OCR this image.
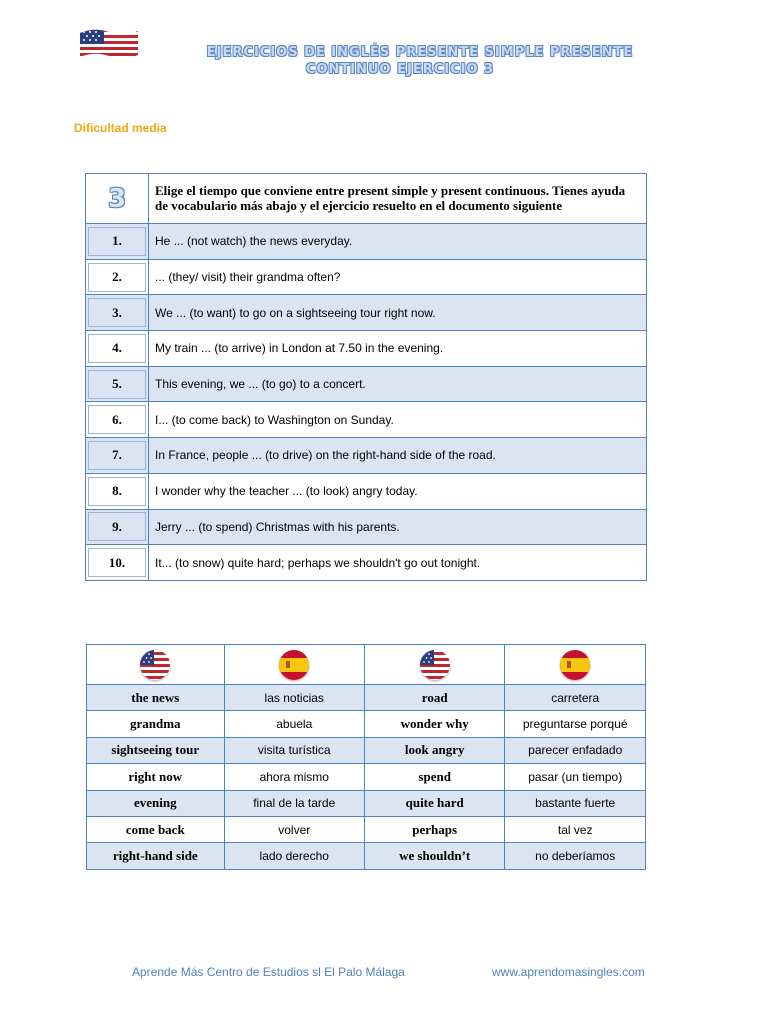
EJERCICIOS DE INGLÉS PRESENTE SIMPLE PRESENTE
CONTINUO EJERCICIO 3
Dificultad media
3	Elige el tiempo que conviene entre present simple y present continuous. Tienes ayuda de vocabulario más abajo y el ejercicio resuelto en el documento siguiente

1.	He ... (not watch) the news everyday.

2.	... (they/ visit) their grandma often?

3.	We ... (to want) to go on a sightseeing tour right now.

4.	My train ... (to arrive) in London at 7.50 in the evening.

5.	This evening, we ... (to go) to a concert.

6.	I... (to come back) to Washington on Sunday.

7.	In France, people ... (to drive) on the right-hand side of the road.

8.	I wonder why the teacher ... (to look) angry today.

9.	Jerry ... (to spend) Christmas with his parents.

10.	It... (to snow) quite hard; perhaps we shouldn't go out tonight.

the news	las noticias	road	carretera
grandma	abuela	wonder why	preguntarse porqué
sightseeing tour	visita turística	look angry	parecer enfadado
right now	ahora mismo	spend	pasar (un tiempo)
evening	final de la tarde	quite hard	bastante fuerte
come back	volver	perhaps	tal vez
right-hand side	lado derecho	we shouldn’t	no deberíamos
Aprende Más Centro de Estudios sl El Palo Málaga	www.aprendomasingles.com
